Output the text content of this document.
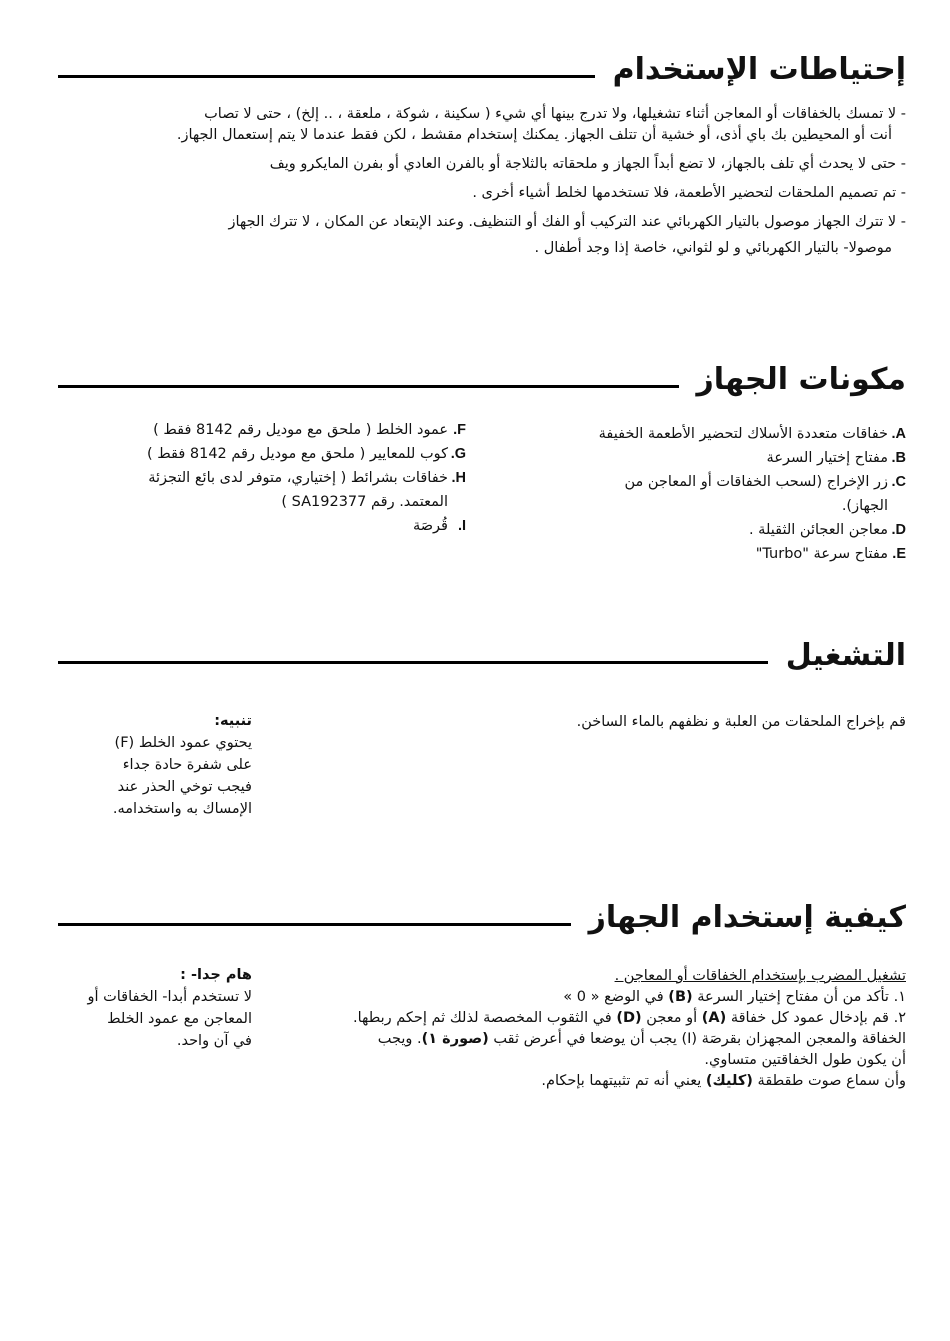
إحتياطات الإستخدام

- لا تمسك بالخفاقات أو المعاجن أثناء تشغيلها، ولا تدرج بينها أي شيء ( سكينة ، شوكة ، ملعقة ، .. إلخ) ، حتى لا تصاب

أنت أو المحيطين بك باي أذى، أو خشية أن تتلف الجهاز. يمكنك إستخدام مقشط ، لكن فقط عندما لا يتم إستعمال الجهاز.

- حتى لا يحدث أي تلف بالجهاز، لا تضع أبداً الجهاز و ملحقاته بالثلاجة أو بالفرن العادي أو بفرن المايكرو ويف

- تم تصميم الملحقات لتحضير الأطعمة، فلا تستخدمها لخلط أشياء أخرى .

- لا تترك الجهاز موصول بالتيار الكهربائي عند التركيب أو الفك أو التنظيف. وعند الإبتعاد عن المكان ، لا تترك الجهاز

موصولا- بالتيار الكهربائي و لو لثواني، خاصة إذا وجد أطفال .

مكونات الجهاز
A.
خفاقات متعددة الأسلاك لتحضير الأطعمة الخفيفة
B.
مفتاح إختيار السرعة
C.
زر الإخراج (لسحب الخفاقات أو المعاجن من الجهاز).
D.
معاجن العجائن الثقيلة .
E.
مفتاح سرعة "Turbo"
F.
عمود الخلط ( ملحق مع موديل رقم 8142 فقط )
G.
كوب للمعايير ( ملحق مع موديل رقم 8142 فقط )
H.
خفاقات بشرائط ( إختياري، متوفر لدى بائع التجزئة المعتمد. رقم SA192377 )
I.
قُرصَة
التشغيل

قم بإخراج الملحقات من العلبة و نظفهم بالماء الساخن.

تنبيه:
يحتوي عمود الخلط (F)
على شفرة حادة جداء
فيجب توخي الحذر عند
الإمساك به واستخدامه.
كيفية إستخدام الجهاز

تشغيل المضرب بإستخدام الخفاقات أو المعاجن .

١. تأكد من أن مفتاح إختيار السرعة (B) في الوضع « 0 »

٢. قم بإدخال عمود كل خفاقة (A) أو معجن (D) في الثقوب المخصصة لذلك ثم إحكم ربطها.

الخفاقة والمعجن المجهزان بقرصَة (I) يجب أن يوضعا في أعرض ثقب (صورة ١). ويجب

أن يكون طول الخفاقتين متساوي.

وأن سماع صوت طقطقة (كليك) يعني أنه تم تثبيتهما بإحكام.

هام جدا- :
لا تستخدم أبدا- الخفاقات أو
المعاجن مع عمود الخلط
في آن واحد.
